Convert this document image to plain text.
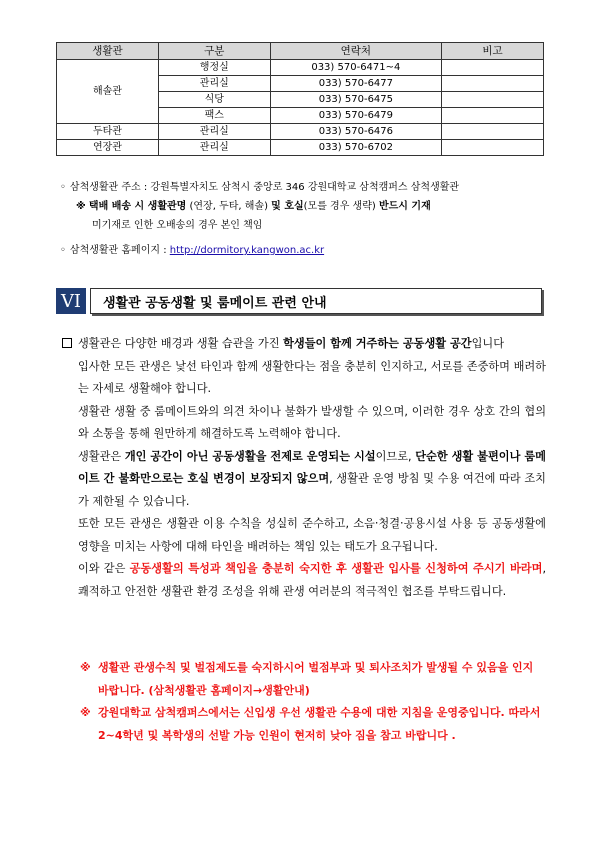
생활관	구분	연락처	비고
해솔관	행정실	033) 570-6471~4	
	관리실	033) 570-6477	
	식당	033) 570-6475	
	팩스	033) 570-6479	
두타관	관리실	033) 570-6476	
연장관	관리실	033) 570-6702	
◦ 삼척생활관 주소 : 강원특별자치도 삼척시 중앙로 346 강원대학교 삼척캠퍼스 삼척생활관
※ 택배 배송 시 생활관명 (연장, 두타, 해솔) 및 호실(모를 경우 생략) 반드시 기재
미기재로 인한 오배송의 경우 본인 책임
◦ 삼척생활관 홈페이지 : http://dormitory.kangwon.ac.kr
VI	생활관 공동생활 및 룸메이트 관련 안내

생활관은 다양한 배경과 생활 습관을 가진 학생들이 함께 거주하는 공동생활 공간입니다

입사한 모든 관생은 낯선 타인과 함께 생활한다는 점을 충분히 인지하고, 서로를 존중하며 배려하는 자세로 생활해야 합니다.

생활관 생활 중 룸메이트와의 의견 차이나 불화가 발생할 수 있으며, 이러한 경우 상호 간의 협의와 소통을 통해 원만하게 해결하도록 노력해야 합니다.

생활관은 개인 공간이 아닌 공동생활을 전제로 운영되는 시설이므로, 단순한 생활 불편이나 룸메이트 간 불화만으로는 호실 변경이 보장되지 않으며, 생활관 운영 방침 및 수용 여건에 따라 조치가 제한될 수 있습니다.

또한 모든 관생은 생활관 이용 수칙을 성실히 준수하고, 소음·청결·공용시설 사용 등 공동생활에 영향을 미치는 사항에 대해 타인을 배려하는 책임 있는 태도가 요구됩니다.

이와 같은 공동생활의 특성과 책임을 충분히 숙지한 후 생활관 입사를 신청하여 주시기 바라며, 쾌적하고 안전한 생활관 환경 조성을 위해 관생 여러분의 적극적인 협조를 부탁드립니다.

※ 생활관 관생수칙 및 벌점제도를 숙지하시어 벌점부과 및 퇴사조치가 발생될 수 있음을 인지 바랍니다. (삼척생활관 홈페이지→생활안내)
※ 강원대학교 삼척캠퍼스에서는 신입생 우선 생활관 수용에 대한 지침을 운영중입니다. 따라서 2~4학년 및 복학생의 선발 가능 인원이 현저히 낮아 짐을 참고 바랍니다 .
